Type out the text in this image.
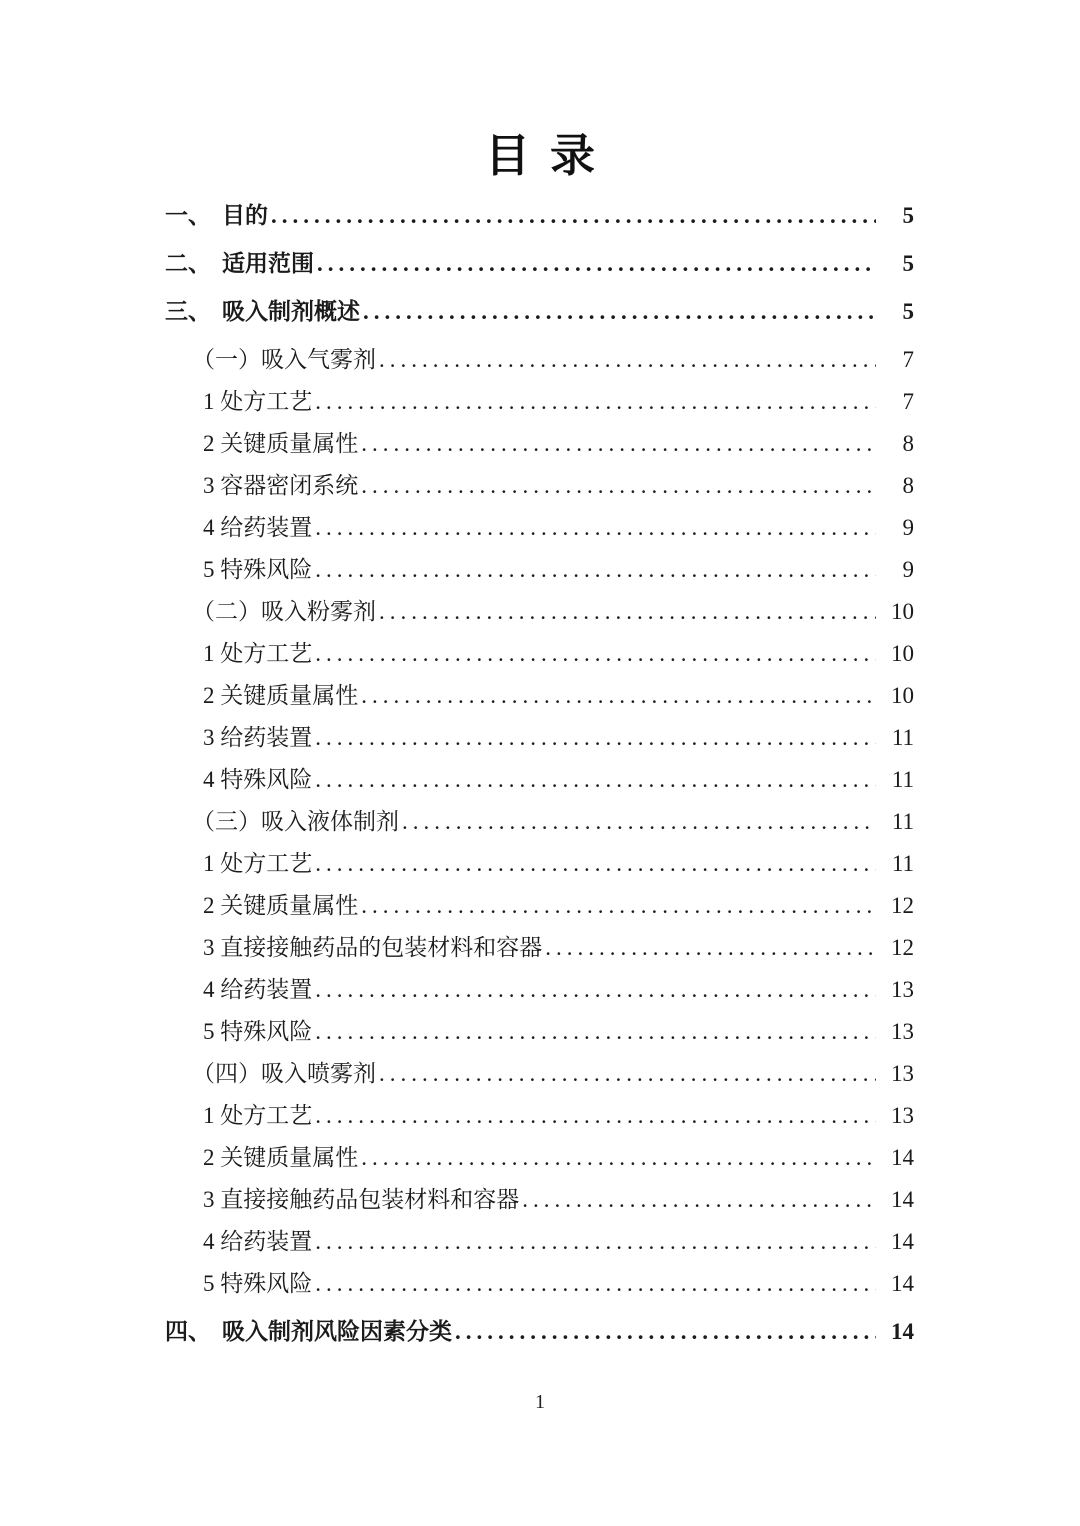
目录
一、 目的 .....	5
二、 适用范围 .....	5
三、 吸入制剂概述 .....	5
（一）吸入气雾剂 .....	7
1 处方工艺 .....	7
2 关键质量属性 .....	8
3 容器密闭系统 .....	8
4 给药装置 .....	9
5 特殊风险 .....	9
（二）吸入粉雾剂 .....	10
1 处方工艺 .....	10
2 关键质量属性 .....	10
3 给药装置 .....	11
4 特殊风险 .....	11
（三）吸入液体制剂 .....	11
1 处方工艺 .....	11
2 关键质量属性 .....	12
3 直接接触药品的包装材料和容器 .....	12
4 给药装置 .....	13
5 特殊风险 .....	13
（四）吸入喷雾剂 .....	13
1 处方工艺 .....	13
2 关键质量属性 .....	14
3 直接接触药品包装材料和容器 .....	14
4 给药装置 .....	14
5 特殊风险 .....	14
四、 吸入制剂风险因素分类 .....	14
1
